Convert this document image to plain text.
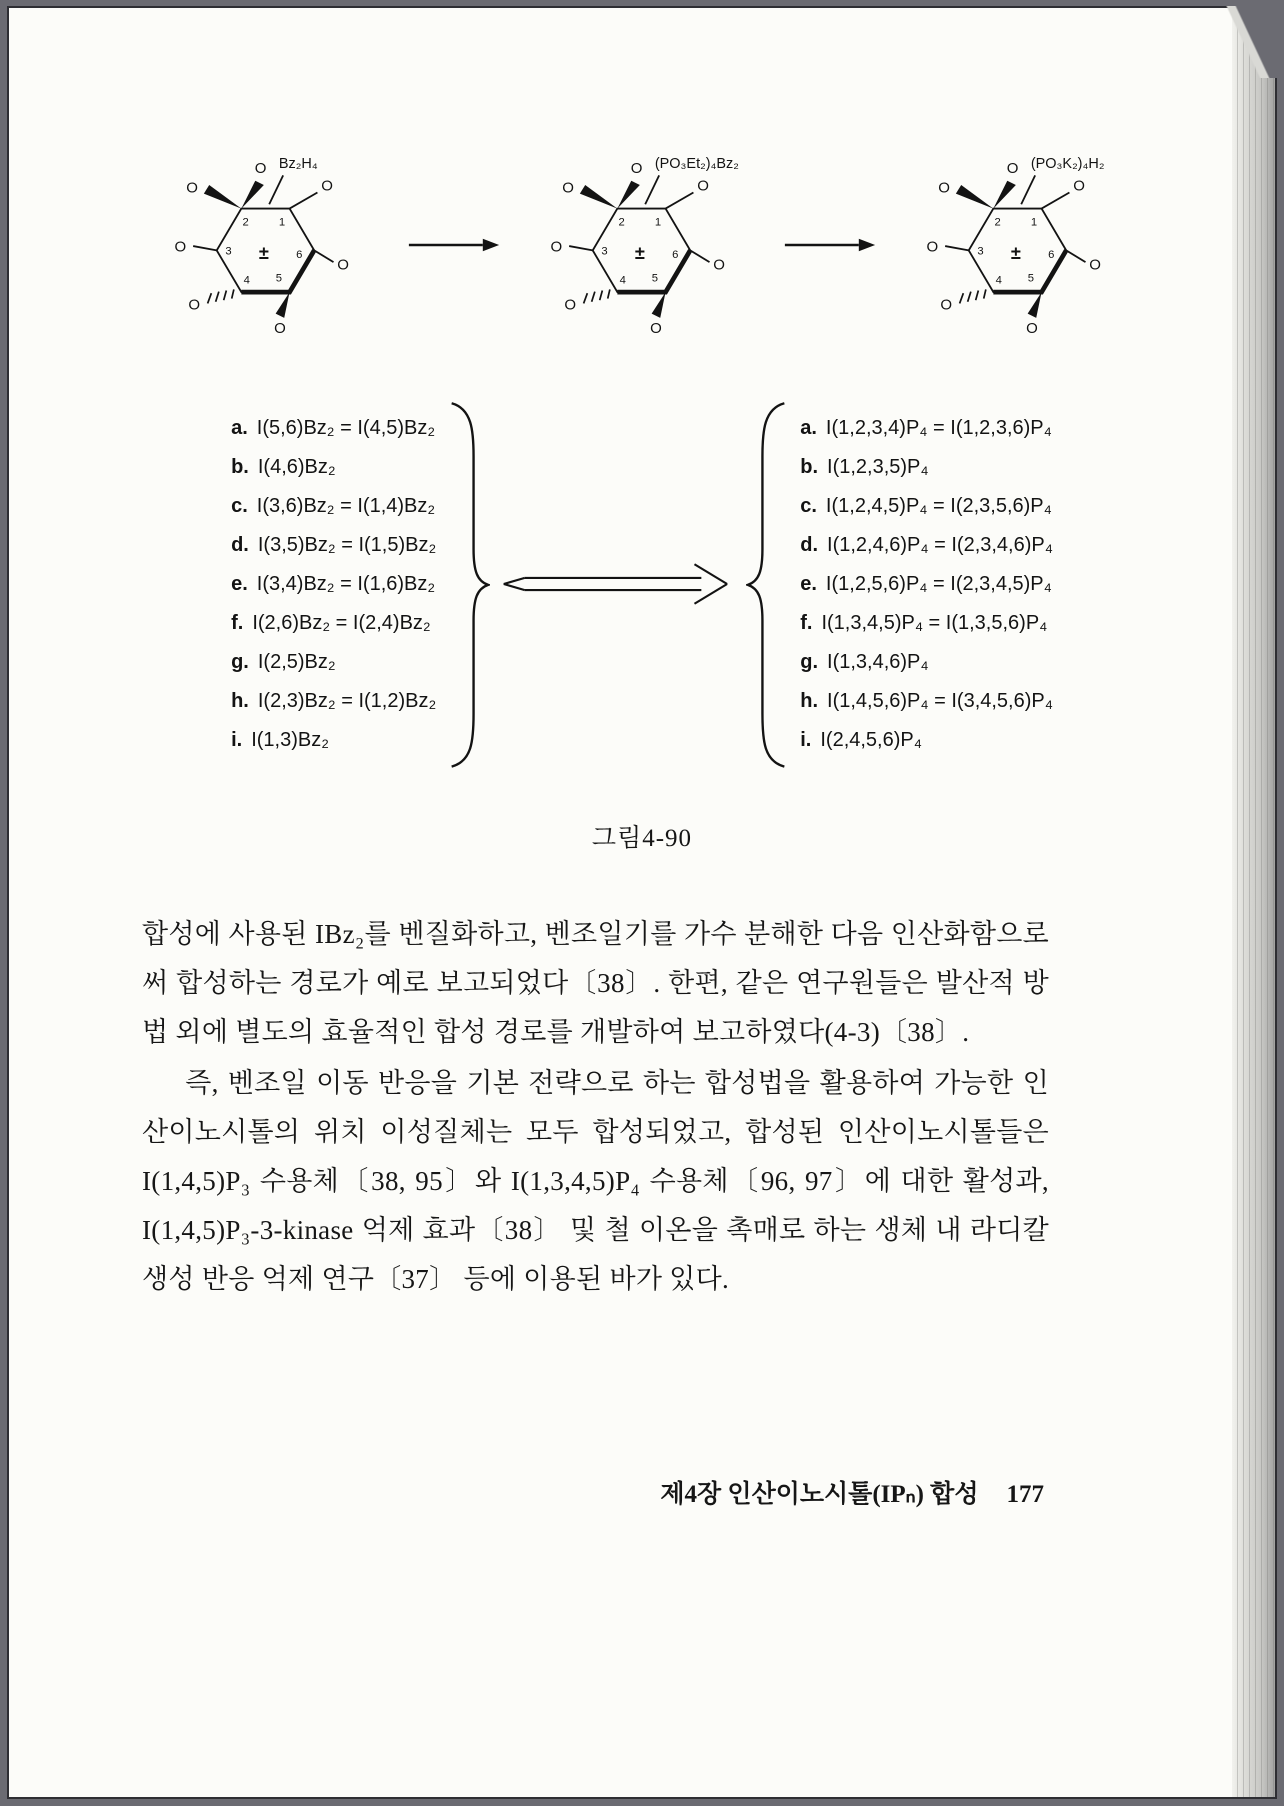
O Bz₂H₄
O
O
O
O
O
O
2	1
3	6
4 5
±
O (PO₃Et₂)₄Bz₂
O
O
O
O
O
O
2	1
3	6
4 5
±
O (PO₃K₂)₄H₂
O
O
O
O
O
O
2	1
3	6
4 5
±
a. I(5,6)Bz₂ = I(4,5)Bz₂
b. I(4,6)Bz₂
c. I(3,6)Bz₂ = I(1,4)Bz₂
d. I(3,5)Bz₂ = I(1,5)Bz₂
e. I(3,4)Bz₂ = I(1,6)Bz₂
f. I(2,6)Bz₂ = I(2,4)Bz₂
g. I(2,5)Bz₂
h. I(2,3)Bz₂ = I(1,2)Bz₂
i. I(1,3)Bz₂
a. I(1,2,3,4)P₄ = I(1,2,3,6)P₄
b. I(1,2,3,5)P₄
c. I(1,2,4,5)P₄ = I(2,3,5,6)P₄
d. I(1,2,4,6)P₄ = I(2,3,4,6)P₄
e. I(1,2,5,6)P₄ = I(2,3,4,5)P₄
f. I(1,3,4,5)P₄ = I(1,3,5,6)P₄
g. I(1,3,4,6)P₄
h. I(1,4,5,6)P₄ = I(3,4,5,6)P₄
i. I(2,4,5,6)P₄
그림4-90

합성에 사용된 IBz₂를 벤질화하고, 벤조일기를 가수 분해한 다음 인산화함으로써 합성하는 경로가 예로 보고되었다〔38〕. 한편, 같은 연구원들은 발산적 방법 외에 별도의 효율적인 합성 경로를 개발하여 보고하였다(4-3)〔38〕.

즉, 벤조일 이동 반응을 기본 전략으로 하는 합성법을 활용하여 가능한 인산이노시톨의 위치 이성질체는 모두 합성되었고, 합성된 인산이노시톨들은 I(1,4,5)P₃ 수용체〔38, 95〕와 I(1,3,4,5)P₄ 수용체〔96, 97〕에 대한 활성과, I(1,4,5)P₃-3-kinase 억제 효과〔38〕 및 철 이온을 촉매로 하는 생체 내 라디칼 생성 반응 억제 연구〔37〕 등에 이용된 바가 있다.

제4장 인산이노시톨(IPₙ) 합성 177
